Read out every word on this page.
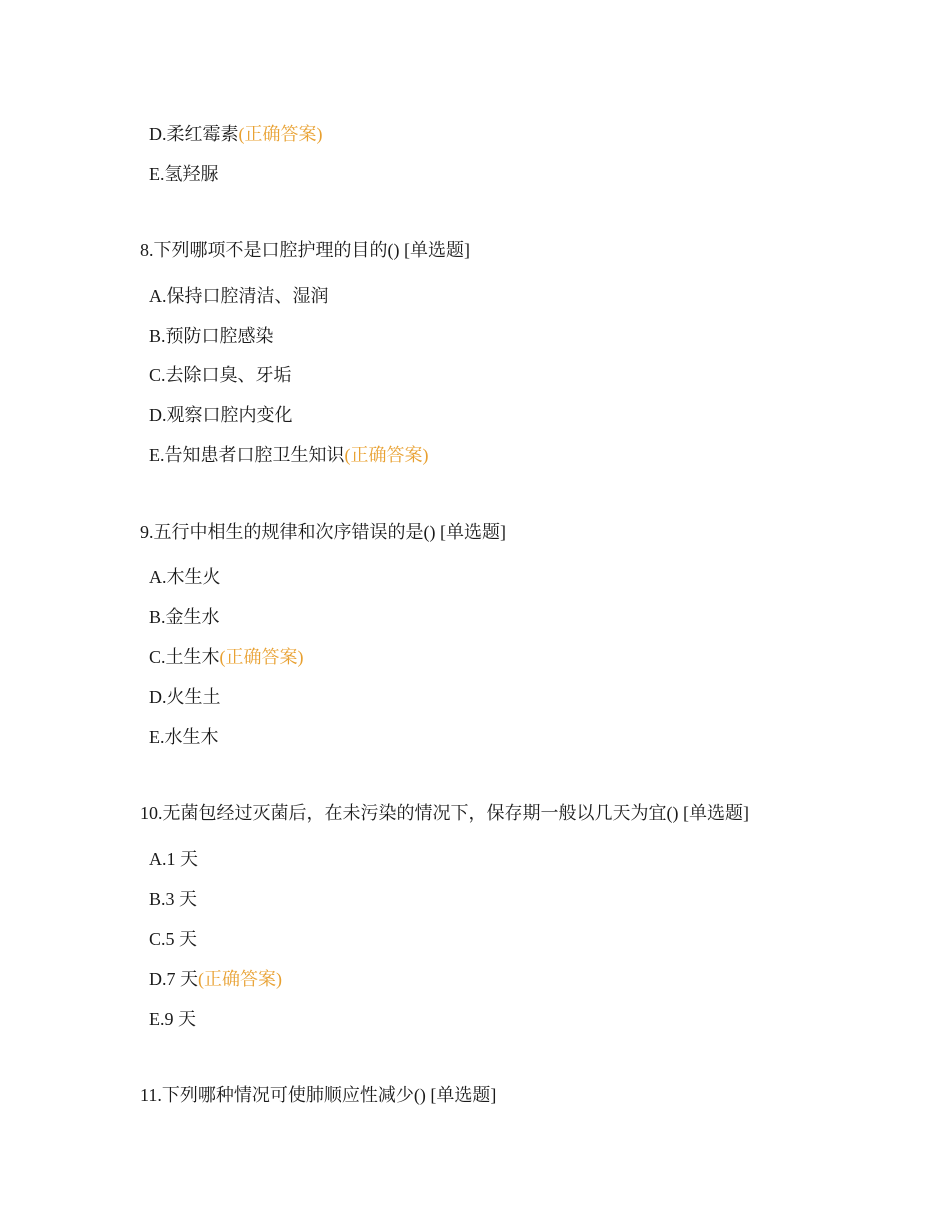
D.柔红霉素(正确答案)
E.氢羟脲
8.下列哪项不是口腔护理的目的() [单选题]
A.保持口腔清洁、湿润
B.预防口腔感染
C.去除口臭、牙垢
D.观察口腔内变化
E.告知患者口腔卫生知识(正确答案)
9.五行中相生的规律和次序错误的是() [单选题]
A.木生火
B.金生水
C.土生木(正确答案)
D.火生土
E.水生木
10.无菌包经过灭菌后，在未污染的情况下，保存期一般以几天为宜() [单选题]
A.1 天
B.3 天
C.5 天
D.7 天(正确答案)
E.9 天
11.下列哪种情况可使肺顺应性减少() [单选题]
